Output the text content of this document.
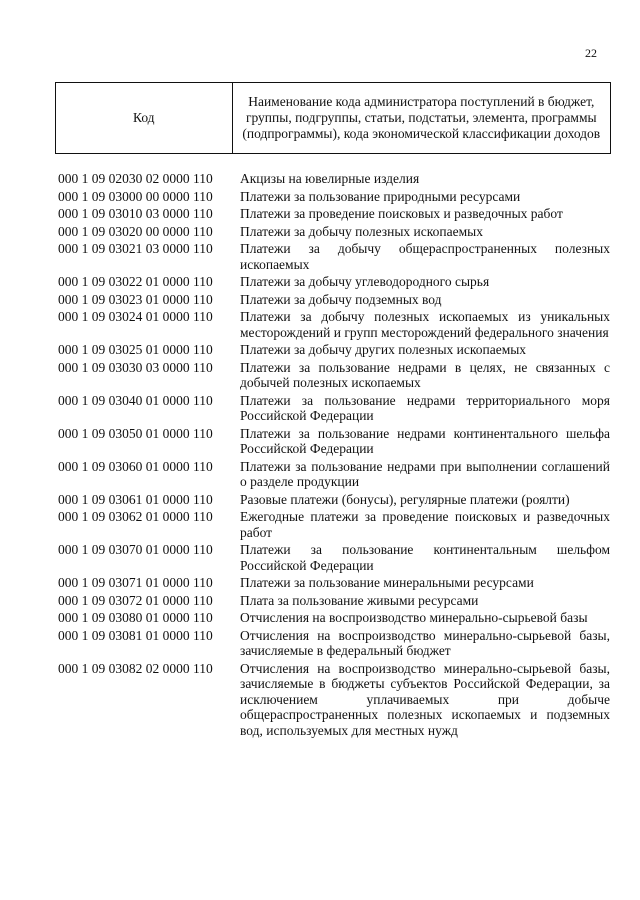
22
Код	Наименование кода администратора поступлений в бюджет, группы, подгруппы, статьи, подстатьи, элемента, программы (подпрограммы), кода экономической классификации доходов
000 1 09 02030 02 0000 110	Акцизы на ювелирные изделия
000 1 09 03000 00 0000 110	Платежи за пользование природными ресурсами
000 1 09 03010 03 0000 110	Платежи за проведение поисковых и разведочных работ
000 1 09 03020 00 0000 110	Платежи за добычу полезных ископаемых
000 1 09 03021 03 0000 110	Платежи за добычу общераспространенных полезных ископаемых
000 1 09 03022 01 0000 110	Платежи за добычу углеводородного сырья
000 1 09 03023 01 0000 110	Платежи за добычу подземных вод
000 1 09 03024 01 0000 110	Платежи за добычу полезных ископаемых из уникальных месторождений и групп месторождений федерального значения
000 1 09 03025 01 0000 110	Платежи за добычу других полезных ископаемых
000 1 09 03030 03 0000 110	Платежи за пользование недрами в целях, не связанных с добычей полезных ископаемых
000 1 09 03040 01 0000 110	Платежи за пользование недрами территориального моря Российской Федерации
000 1 09 03050 01 0000 110	Платежи за пользование недрами континентального шельфа Российской Федерации
000 1 09 03060 01 0000 110	Платежи за пользование недрами при выполнении соглашений о разделе продукции
000 1 09 03061 01 0000 110	Разовые платежи (бонусы), регулярные платежи (роялти)
000 1 09 03062 01 0000 110	Ежегодные платежи за проведение поисковых и разведочных работ
000 1 09 03070 01 0000 110	Платежи за пользование континентальным шельфом Российской Федерации
000 1 09 03071 01 0000 110	Платежи за пользование минеральными ресурсами
000 1 09 03072 01 0000 110	Плата за пользование живыми ресурсами
000 1 09 03080 01 0000 110	Отчисления на воспроизводство минерально-сырьевой базы
000 1 09 03081 01 0000 110	Отчисления на воспроизводство минерально-сырьевой базы, зачисляемые в федеральный бюджет
000 1 09 03082 02 0000 110	Отчисления на воспроизводство минерально-сырьевой базы, зачисляемые в бюджеты субъектов Российской Федерации, за исключением уплачиваемых при добыче общераспространенных полезных ископаемых и подземных вод, используемых для местных нужд
